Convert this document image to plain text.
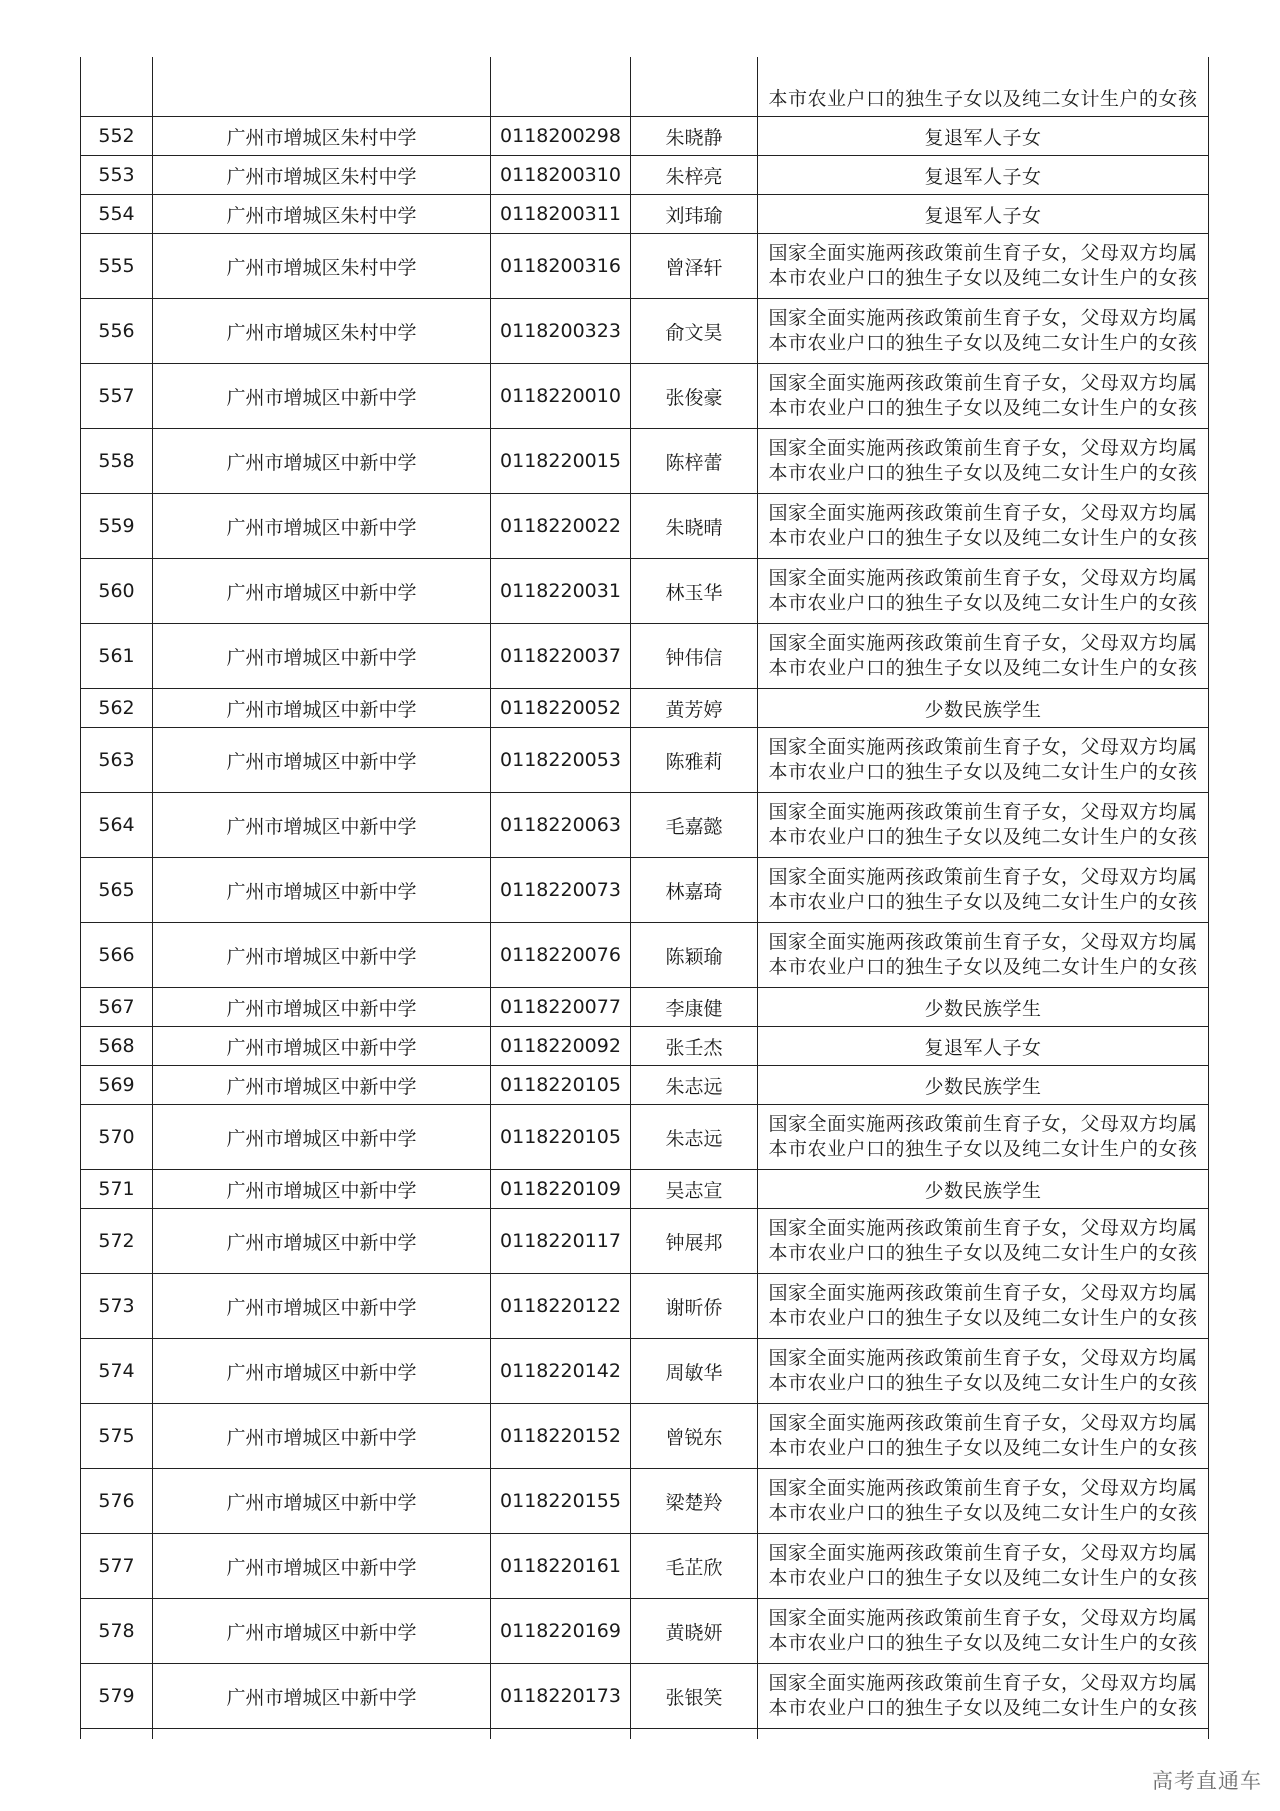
				本市农业户口的独生子女以及纯二女计生户的女孩

552	广州市增城区朱村中学	0118200298	朱晓静	复退军人子女
553	广州市增城区朱村中学	0118200310	朱梓亮	复退军人子女
554	广州市增城区朱村中学	0118200311	刘玮瑜	复退军人子女
555	广州市增城区朱村中学	0118200316	曾泽轩	国家全面实施两孩政策前生育子女，父母双方均属
本市农业户口的独生子女以及纯二女计生户的女孩

556	广州市增城区朱村中学	0118200323	俞文昊	国家全面实施两孩政策前生育子女，父母双方均属
本市农业户口的独生子女以及纯二女计生户的女孩

557	广州市增城区中新中学	0118220010	张俊豪	国家全面实施两孩政策前生育子女，父母双方均属
本市农业户口的独生子女以及纯二女计生户的女孩

558	广州市增城区中新中学	0118220015	陈梓蕾	国家全面实施两孩政策前生育子女，父母双方均属
本市农业户口的独生子女以及纯二女计生户的女孩

559	广州市增城区中新中学	0118220022	朱晓晴	国家全面实施两孩政策前生育子女，父母双方均属
本市农业户口的独生子女以及纯二女计生户的女孩

560	广州市增城区中新中学	0118220031	林玉华	国家全面实施两孩政策前生育子女，父母双方均属
本市农业户口的独生子女以及纯二女计生户的女孩

561	广州市增城区中新中学	0118220037	钟伟信	国家全面实施两孩政策前生育子女，父母双方均属
本市农业户口的独生子女以及纯二女计生户的女孩

562	广州市增城区中新中学	0118220052	黄芳婷	少数民族学生
563	广州市增城区中新中学	0118220053	陈雅莉	国家全面实施两孩政策前生育子女，父母双方均属
本市农业户口的独生子女以及纯二女计生户的女孩

564	广州市增城区中新中学	0118220063	毛嘉懿	国家全面实施两孩政策前生育子女，父母双方均属
本市农业户口的独生子女以及纯二女计生户的女孩

565	广州市增城区中新中学	0118220073	林嘉琦	国家全面实施两孩政策前生育子女，父母双方均属
本市农业户口的独生子女以及纯二女计生户的女孩

566	广州市增城区中新中学	0118220076	陈颖瑜	国家全面实施两孩政策前生育子女，父母双方均属
本市农业户口的独生子女以及纯二女计生户的女孩

567	广州市增城区中新中学	0118220077	李康健	少数民族学生
568	广州市增城区中新中学	0118220092	张壬杰	复退军人子女
569	广州市增城区中新中学	0118220105	朱志远	少数民族学生
570	广州市增城区中新中学	0118220105	朱志远	国家全面实施两孩政策前生育子女，父母双方均属
本市农业户口的独生子女以及纯二女计生户的女孩

571	广州市增城区中新中学	0118220109	吴志宣	少数民族学生
572	广州市增城区中新中学	0118220117	钟展邦	国家全面实施两孩政策前生育子女，父母双方均属
本市农业户口的独生子女以及纯二女计生户的女孩

573	广州市增城区中新中学	0118220122	谢昕侨	国家全面实施两孩政策前生育子女，父母双方均属
本市农业户口的独生子女以及纯二女计生户的女孩

574	广州市增城区中新中学	0118220142	周敏华	国家全面实施两孩政策前生育子女，父母双方均属
本市农业户口的独生子女以及纯二女计生户的女孩

575	广州市增城区中新中学	0118220152	曾锐东	国家全面实施两孩政策前生育子女，父母双方均属
本市农业户口的独生子女以及纯二女计生户的女孩

576	广州市增城区中新中学	0118220155	梁楚羚	国家全面实施两孩政策前生育子女，父母双方均属
本市农业户口的独生子女以及纯二女计生户的女孩

577	广州市增城区中新中学	0118220161	毛芷欣	国家全面实施两孩政策前生育子女，父母双方均属
本市农业户口的独生子女以及纯二女计生户的女孩

578	广州市增城区中新中学	0118220169	黄晓妍	国家全面实施两孩政策前生育子女，父母双方均属
本市农业户口的独生子女以及纯二女计生户的女孩

579	广州市增城区中新中学	0118220173	张银笑	国家全面实施两孩政策前生育子女，父母双方均属
本市农业户口的独生子女以及纯二女计生户的女孩

高考直通车
